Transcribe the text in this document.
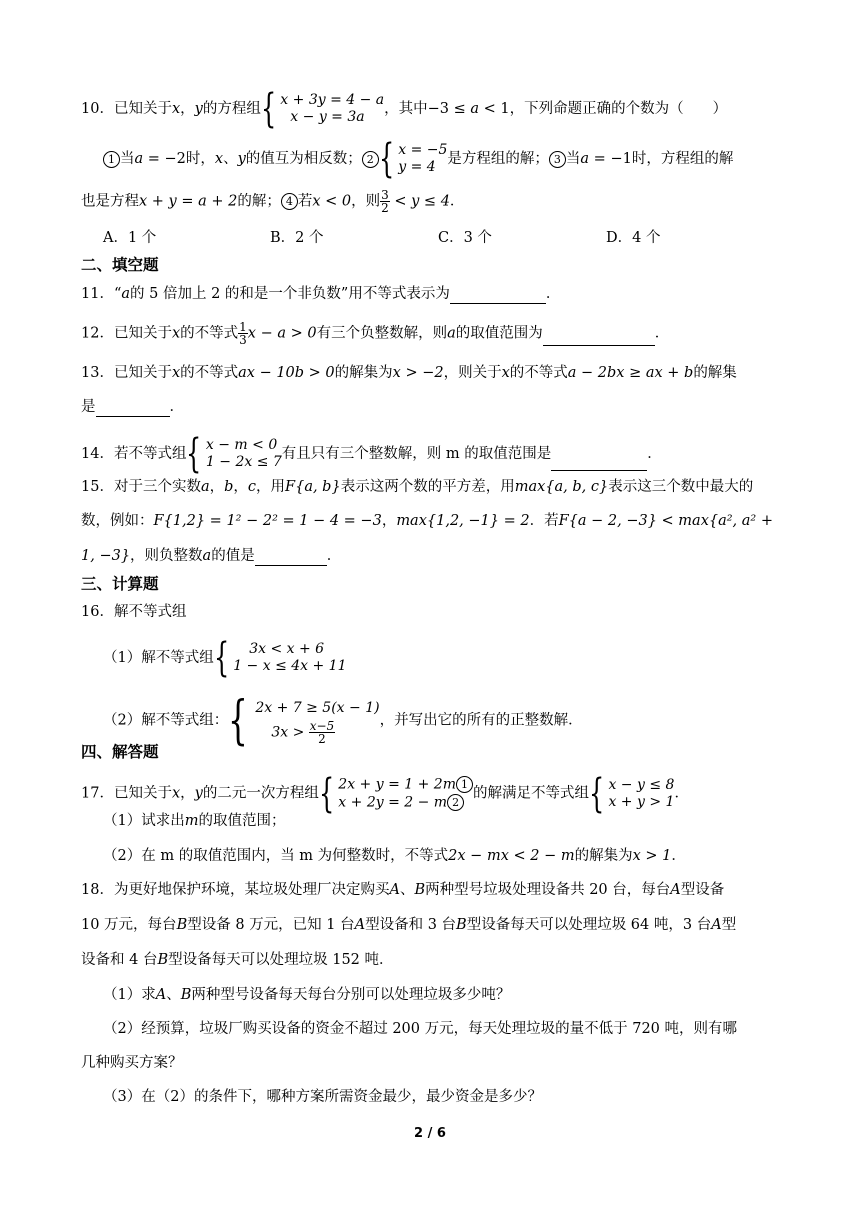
10．已知关于x，y的方程组{ x + 3y = 4 − a
x − y = 3a	，其中−3 ≤ a < 1，下列命题正确的个数为（　　）
1 当a = −2时，x、y的值互为相反数； 2 { x = −5
y = 4 是方程组的解； 3 当a = −1时，方程组的解
也是方程x + y = a + 2的解； 4 若x < 0，则 $\frac{3}{2} < y \le 4$．
A．1 个	B．2 个	C．3 个	D．4 个
二、填空题
11．“a的 5 倍加上 2 的和是一个非负数”用不等式表示为	．
12．已知关于x的不等式 $\frac{1}{3}$ x − a > 0有三个负整数解，则a的取值范围为	．
13．已知关于x的不等式ax − 10b > 0的解集为x > −2，则关于x的不等式a − 2bx ≥ ax + b的解集
是	．
14．若不等式组{ x − m < 0
1 − 2x ≤ 7 有且只有三个整数解，则 m 的取值范围是	．
15．对于三个实数a，b，c，用F{a, b}表示这两个数的平方差，用max{a, b, c}表示这三个数中最大的
数，例如：F{1,2} = 1² − 2² = 1 − 4 = −3，max{1,2, −1} = 2．若F{a − 2, −3} < max{a², a² +
1, −3}，则负整数a的值是	．
三、计算题
16．解不等式组
（1）解不等式组{	3x < x + 6
1 − x ≤ 4x + 11
（2）解不等式组：{ 2x + 7 ≥ 5(x − 1)
$3x > \frac{x-5}{2}$	，并写出它的所有的正整数解．
四、解答题
17．已知关于x，y的二元一次方程组{ 2x + y = 1 + 2m 1
x + 2y = 2 − m 2
的解满足不等式组{ x − y ≤ 8
x + y > 1 ．
（1）试求出m的取值范围；
（2）在 m 的取值范围内，当 m 为何整数时，不等式2x − mx < 2 − m的解集为x > 1．
18．为更好地保护环境，某垃圾处理厂决定购买A、B两种型号垃圾处理设备共 20 台，每台A型设备
10 万元，每台B型设备 8 万元，已知 1 台A型设备和 3 台B型设备每天可以处理垃圾 64 吨，3 台A型
设备和 4 台B型设备每天可以处理垃圾 152 吨．
（1）求A、B两种型号设备每天每台分别可以处理垃圾多少吨？
（2）经预算，垃圾厂购买设备的资金不超过 200 万元，每天处理垃圾的量不低于 720 吨，则有哪
几种购买方案？
（3）在（2）的条件下，哪种方案所需资金最少，最少资金是多少？
2 / 6
